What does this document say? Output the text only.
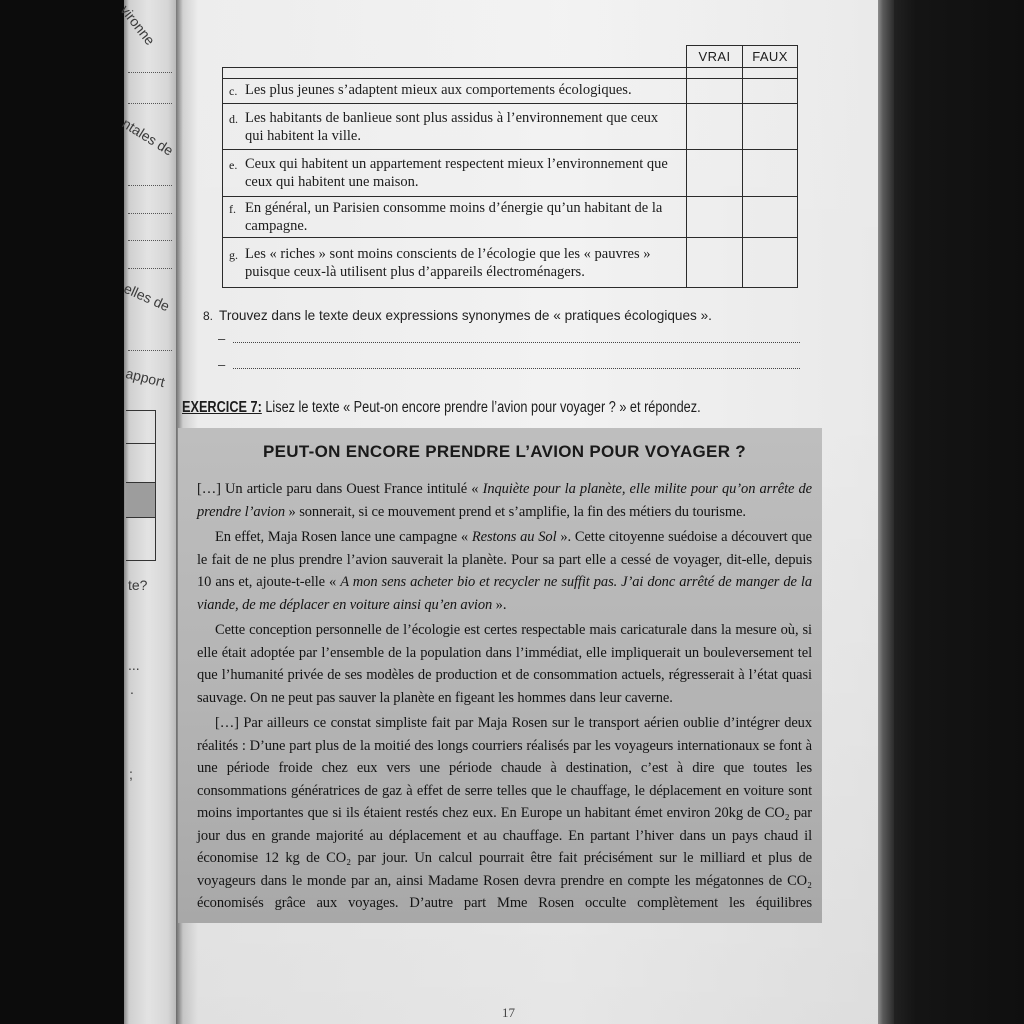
vironne
ntales de
elles de
apport
te?
...
.
;
	VRAI	FAUX

c. Les plus jeunes s’adaptent mieux aux comportements écologiques.		

d. Les habitants de banlieue sont plus assidus à l’environnement que ceux qui habitent la ville.		

e. Ceux qui habitent un appartement respectent mieux l’environnement que ceux qui habitent une maison.		

f. En général, un Parisien consomme moins d’énergie qu’un habitant de la campagne.		

g. Les « riches » sont moins conscients de l’écologie que les « pauvres » puisque ceux-là utilisent plus d’appareils électroménagers.		

8. Trouvez dans le texte deux expressions synonymes de « pratiques écologiques ».
–
–
EXERCICE 7: Lisez le texte « Peut-on encore prendre l’avion pour voyager ? » et répondez.
PEUT-ON ENCORE PRENDRE L’AVION POUR VOYAGER ?

[…] Un article paru dans Ouest France intitulé « Inquiète pour la planète, elle milite pour qu’on arrête de prendre l’avion » sonnerait, si ce mouvement prend et s’amplifie, la fin des métiers du tourisme.

En effet, Maja Rosen lance une campagne « Restons au Sol ». Cette citoyenne suédoise a découvert que le fait de ne plus prendre l’avion sauverait la planète. Pour sa part elle a cessé de voyager, dit-elle, depuis 10 ans et, ajoute-t-elle « A mon sens acheter bio et recycler ne suffit pas. J’ai donc arrêté de manger de la viande, de me déplacer en voiture ainsi qu’en avion ».

Cette conception personnelle de l’écologie est certes respectable mais caricaturale dans la mesure où, si elle était adoptée par l’ensemble de la population dans l’immédiat, elle impliquerait un bouleversement tel que l’humanité privée de ses modèles de production et de consommation actuels, régresserait à l’état quasi sauvage. On ne peut pas sauver la planète en figeant les hommes dans leur caverne.

[…] Par ailleurs ce constat simpliste fait par Maja Rosen sur le transport aérien oublie d’intégrer deux réalités : D’une part plus de la moitié des longs courriers réalisés par les voyageurs internationaux se font à une période froide chez eux vers une période chaude à destination, c’est à dire que toutes les consommations génératrices de gaz à effet de serre telles que le chauffage, le déplacement en voiture sont moins importantes que si ils étaient restés chez eux. En Europe un habitant émet environ 20kg de CO₂ par jour dus en grande majorité au déplacement et au chauffage. En partant l’hiver dans un pays chaud il économise 12 kg de CO₂ par jour. Un calcul pourrait être fait précisément sur le milliard et plus de voyageurs dans le monde par an, ainsi Madame Rosen devra prendre en compte les mégatonnes de CO₂ économisés grâce aux voyages. D’autre part Mme Rosen occulte complètement les équilibres

17
